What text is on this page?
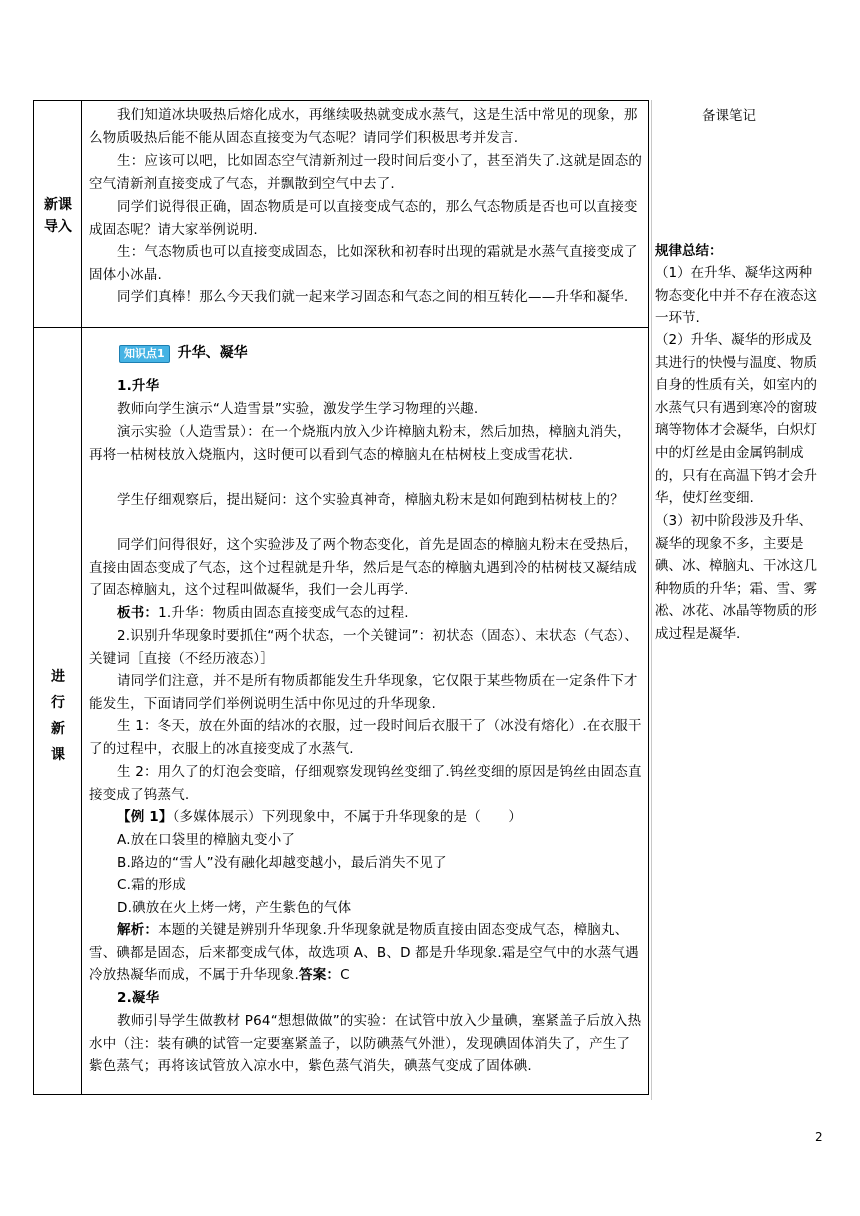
新课
导入

我们知道冰块吸热后熔化成水，再继续吸热就变成水蒸气，这是生活中常见的现象，那么物质吸热后能不能从固态直接变为气态呢？请同学们积极思考并发言.

生：应该可以吧，比如固态空气清新剂过一段时间后变小了，甚至消失了.这就是固态的空气清新剂直接变成了气态，并飘散到空气中去了.

同学们说得很正确，固态物质是可以直接变成气态的，那么气态物质是否也可以直接变成固态呢？请大家举例说明.

生：气态物质也可以直接变成固态，比如深秋和初春时出现的霜就是水蒸气直接变成了固体小冰晶.

同学们真棒！那么今天我们就一起来学习固态和气态之间的相互转化——升华和凝华.

进
行
新
课
知识点1 升华、凝华

1.升华

教师向学生演示“人造雪景”实验，激发学生学习物理的兴趣.

演示实验（人造雪景）：在一个烧瓶内放入少许樟脑丸粉末，然后加热，樟脑丸消失，再将一枯树枝放入烧瓶内，这时便可以看到气态的樟脑丸在枯树枝上变成雪花状.

学生仔细观察后，提出疑问：这个实验真神奇，樟脑丸粉末是如何跑到枯树枝上的？

同学们问得很好，这个实验涉及了两个物态变化，首先是固态的樟脑丸粉末在受热后，直接由固态变成了气态，这个过程就是升华，然后是气态的樟脑丸遇到冷的枯树枝又凝结成了固态樟脑丸，这个过程叫做凝华，我们一会儿再学.

板书：1.升华：物质由固态直接变成气态的过程.

2.识别升华现象时要抓住“两个状态，一个关键词”：初状态（固态）、末状态（气态）、关键词［直接（不经历液态）］

请同学们注意，并不是所有物质都能发生升华现象，它仅限于某些物质在一定条件下才能发生，下面请同学们举例说明生活中你见过的升华现象.

生 1：冬天，放在外面的结冰的衣服，过一段时间后衣服干了（冰没有熔化）.在衣服干了的过程中，衣服上的冰直接变成了水蒸气.

生 2：用久了的灯泡会变暗，仔细观察发现钨丝变细了.钨丝变细的原因是钨丝由固态直接变成了钨蒸气.

【例 1】（多媒体展示）下列现象中，不属于升华现象的是（　　）

A.放在口袋里的樟脑丸变小了

B.路边的“雪人”没有融化却越变越小，最后消失不见了

C.霜的形成

D.碘放在火上烤一烤，产生紫色的气体

解析：本题的关键是辨别升华现象.升华现象就是物质直接由固态变成气态，樟脑丸、雪、碘都是固态，后来都变成气体，故选项 A、B、D 都是升华现象.霜是空气中的水蒸气遇冷放热凝华而成，不属于升华现象.答案：C

2.凝华

教师引导学生做教材 P64“想想做做”的实验：在试管中放入少量碘，塞紧盖子后放入热水中（注：装有碘的试管一定要塞紧盖子，以防碘蒸气外泄），发现碘固体消失了，产生了紫色蒸气；再将该试管放入凉水中，紫色蒸气消失，碘蒸气变成了固体碘.

备课笔记
规律总结：
（1）在升华、凝华这两种物态变化中并不存在液态这一环节.
（2）升华、凝华的形成及其进行的快慢与温度、物质自身的性质有关，如室内的水蒸气只有遇到寒冷的窗玻璃等物体才会凝华，白炽灯中的灯丝是由金属钨制成的，只有在高温下钨才会升华，使灯丝变细.
（3）初中阶段涉及升华、凝华的现象不多，主要是碘、冰、樟脑丸、干冰这几种物质的升华；霜、雪、雾凇、冰花、冰晶等物质的形成过程是凝华.
2
